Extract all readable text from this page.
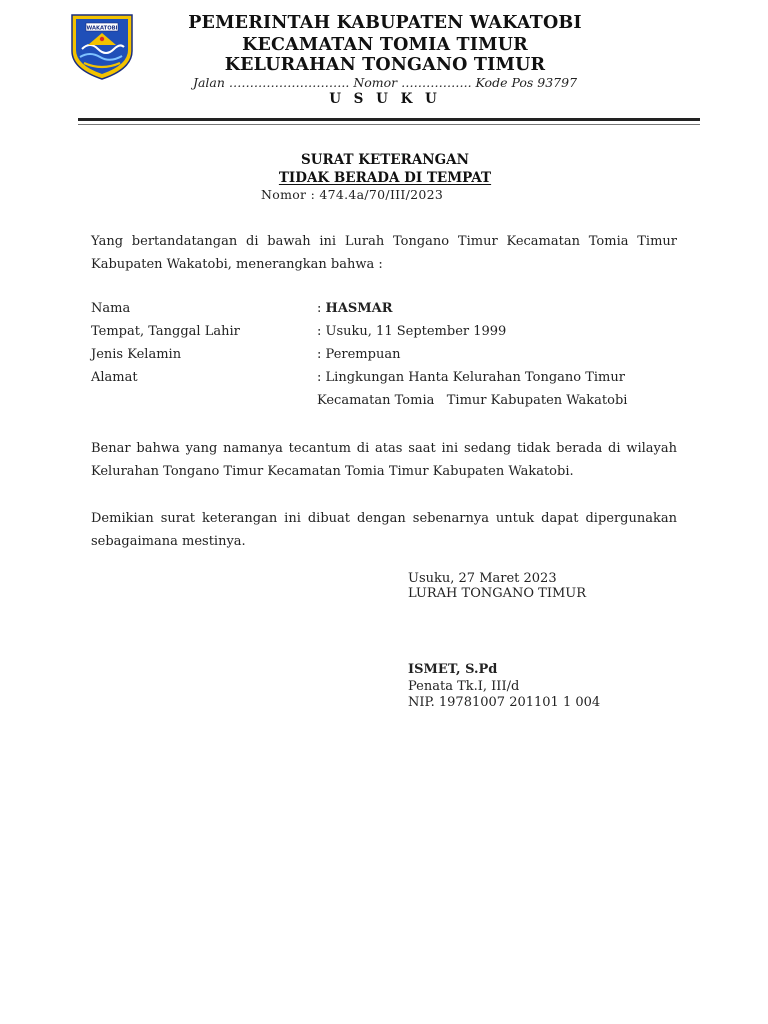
WAKATOBI	PEMERINTAH KABUPATEN WAKATOBI
KECAMATAN TOMIA TIMUR
KELURAHAN TONGANO TIMUR
Jalan ……………………….. Nomor …………….. Kode Pos 93797
U S U K U
SURAT KETERANGAN
TIDAK BERADA DI TEMPAT
Nomor : 474.4a/70/III/2023
Yang bertandatangan di bawah ini Lurah Tongano Timur Kecamatan Tomia Timur Kabupaten Wakatobi, menerangkan bahwa :
Nama	: HASMAR
Tempat, Tanggal Lahir	: Usuku, 11 September 1999
Jenis Kelamin	: Perempuan
Alamat	: Lingkungan Hanta Kelurahan Tongano Timur
Kecamatan Tomia   Timur Kabupaten Wakatobi
Benar bahwa yang namanya tecantum di atas saat ini sedang tidak berada di wilayah Kelurahan Tongano Timur Kecamatan Tomia Timur Kabupaten Wakatobi.
Demikian surat keterangan ini dibuat dengan sebenarnya untuk dapat dipergunakan sebagaimana mestinya.
Usuku, 27 Maret 2023
LURAH TONGANO TIMUR
ISMET, S.Pd
Penata Tk.I, III/d
NIP. 19781007 201101 1 004
